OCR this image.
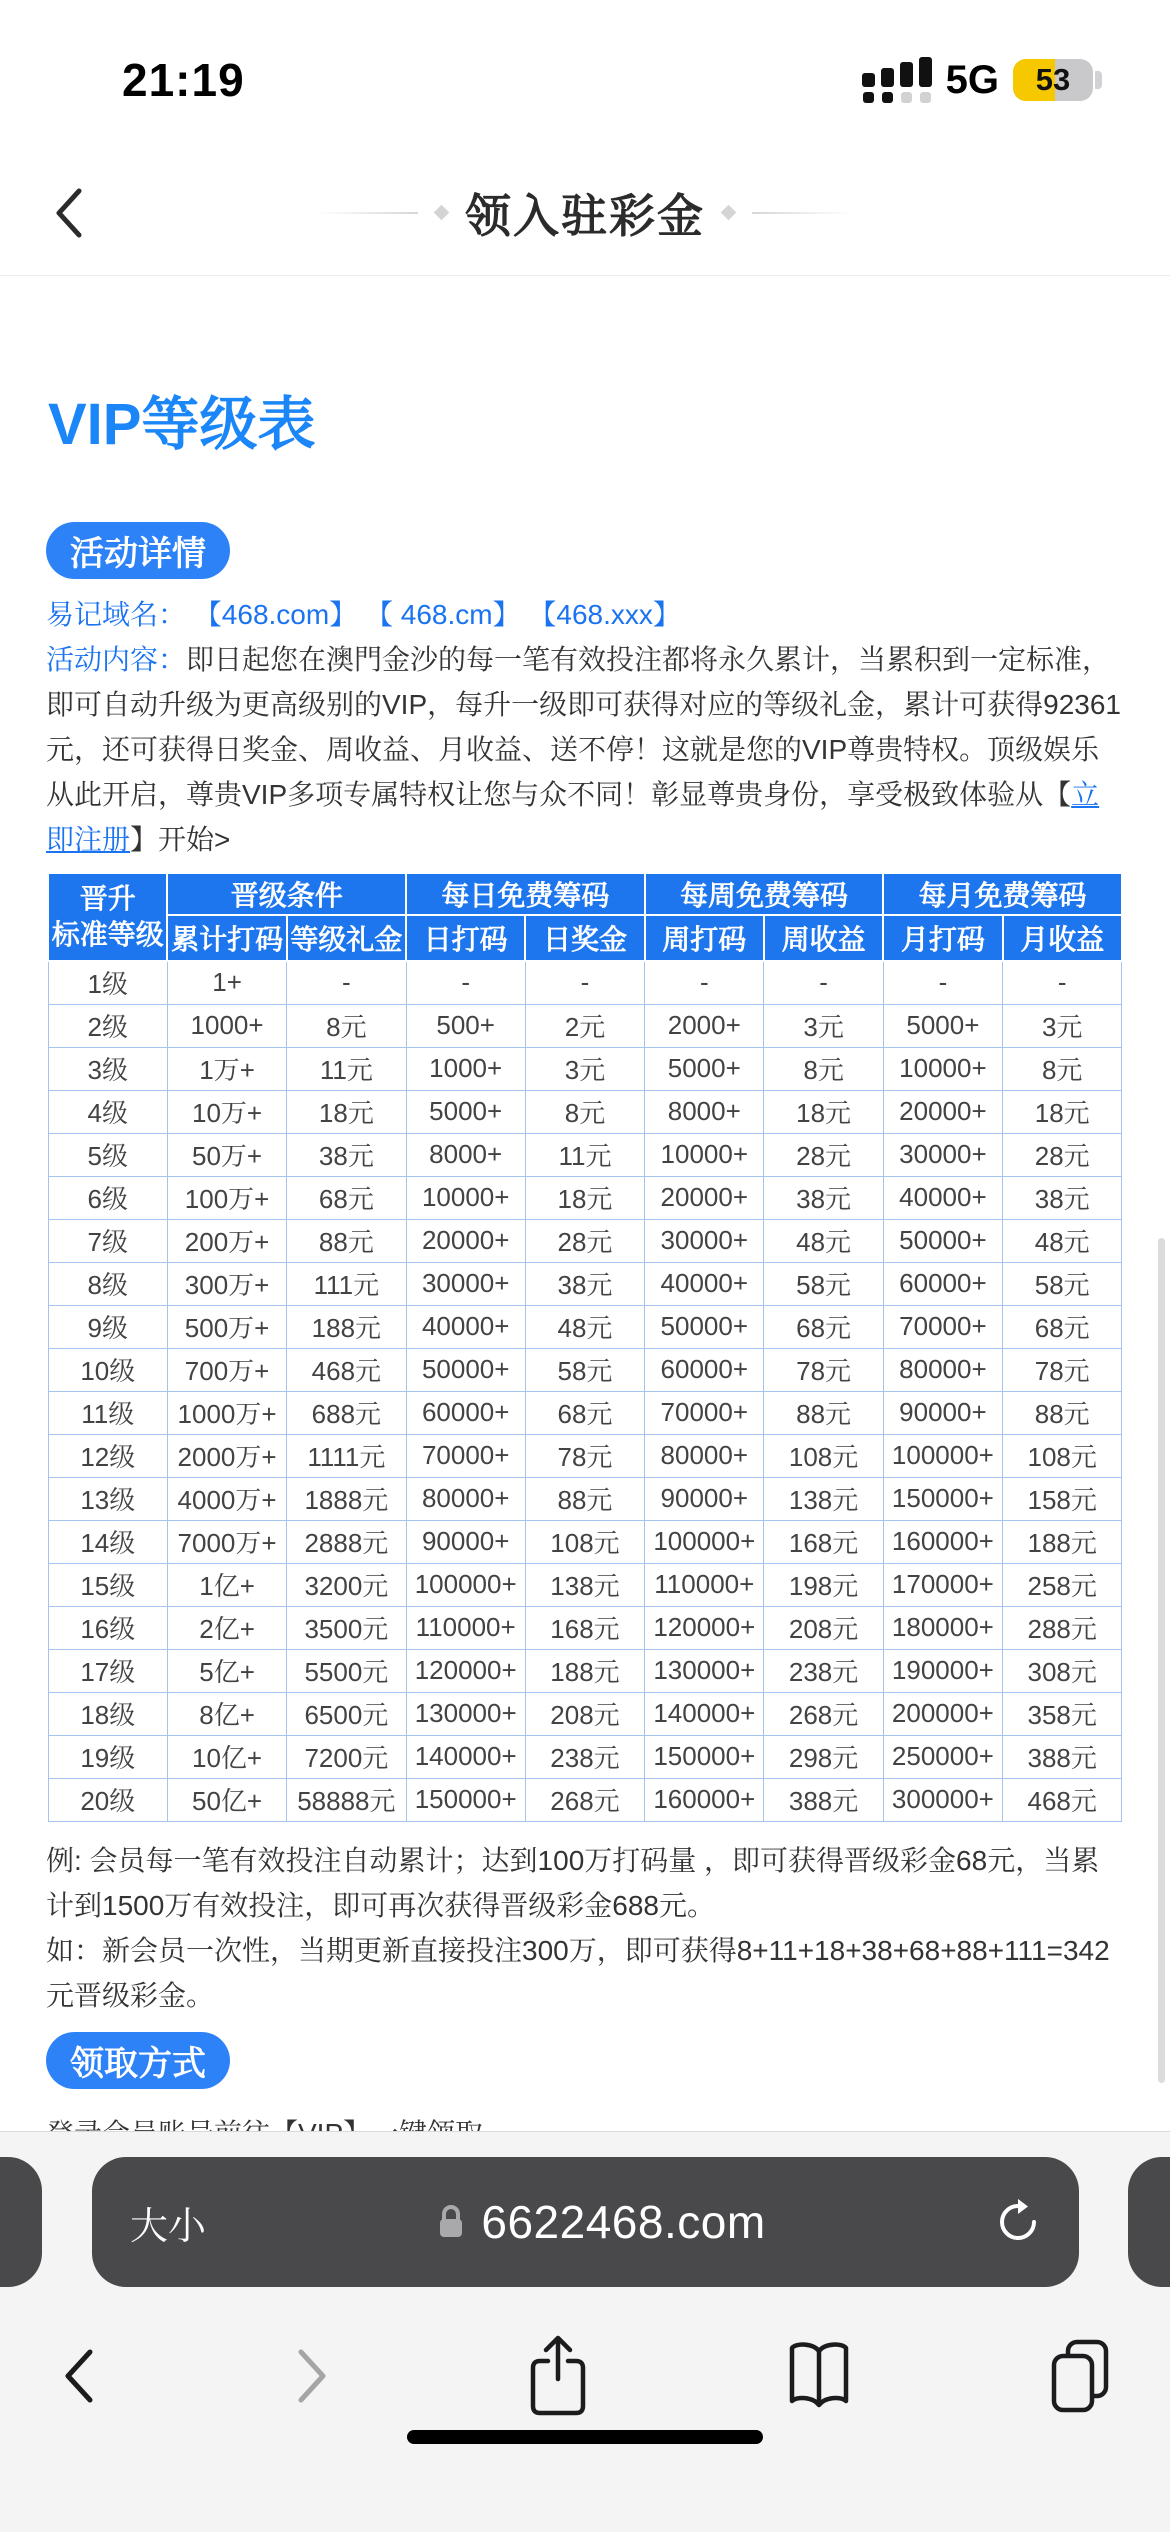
21:19	5G	53
领入驻彩金
VIP等级表
活动详情
易记域名： 【468.com】 【 468.cm】 【468.xxx】

活动内容：即日起您在澳門金沙的每一笔有效投注都将永久累计，当累积到一定标准，即可自动升级为更高级别的VIP，每升一级即可获得对应的等级礼金，累计可获得92361元，还可获得日奖金、周收益、月收益、送不停！这就是您的VIP尊贵特权。顶级娱乐从此开启，尊贵VIP多项专属特权让您与众不同！彰显尊贵身份，享受极致体验从【立即注册】开始>

晋升
标准等级	晋级条件		每日免费筹码		每周免费筹码		每月免费筹码	
	累计打码	等级礼金	日打码	日奖金	周打码	周收益	月打码	月收益
1级	1+	-	-	-	-	-	-	-
2级	1000+	8元	500+	2元	2000+	3元	5000+	3元
3级	1万+	11元	1000+	3元	5000+	8元	10000+	8元
4级	10万+	18元	5000+	8元	8000+	18元	20000+	18元
5级	50万+	38元	8000+	11元	10000+	28元	30000+	28元
6级	100万+	68元	10000+	18元	20000+	38元	40000+	38元
7级	200万+	88元	20000+	28元	30000+	48元	50000+	48元
8级	300万+	111元	30000+	38元	40000+	58元	60000+	58元
9级	500万+	188元	40000+	48元	50000+	68元	70000+	68元
10级	700万+	468元	50000+	58元	60000+	78元	80000+	78元
11级	1000万+	688元	60000+	68元	70000+	88元	90000+	88元
12级	2000万+	1111元	70000+	78元	80000+	108元	100000+	108元
13级	4000万+	1888元	80000+	88元	90000+	138元	150000+	158元
14级	7000万+	2888元	90000+	108元	100000+	168元	160000+	188元
15级	1亿+	3200元	100000+	138元	110000+	198元	170000+	258元
16级	2亿+	3500元	110000+	168元	120000+	208元	180000+	288元
17级	5亿+	5500元	120000+	188元	130000+	238元	190000+	308元
18级	8亿+	6500元	130000+	208元	140000+	268元	200000+	358元
19级	10亿+	7200元	140000+	238元	150000+	298元	250000+	388元
20级	50亿+	58888元	150000+	268元	160000+	388元	300000+	468元

例: 会员每一笔有效投注自动累计；达到100万打码量 ，即可获得晋级彩金68元，当累计到1500万有效投注，即可再次获得晋级彩金688元。
如：新会员一次性，当期更新直接投注300万，即可获得8+11+18+38+68+88+111=342元晋级彩金。

领取方式

大小	6622468.com
